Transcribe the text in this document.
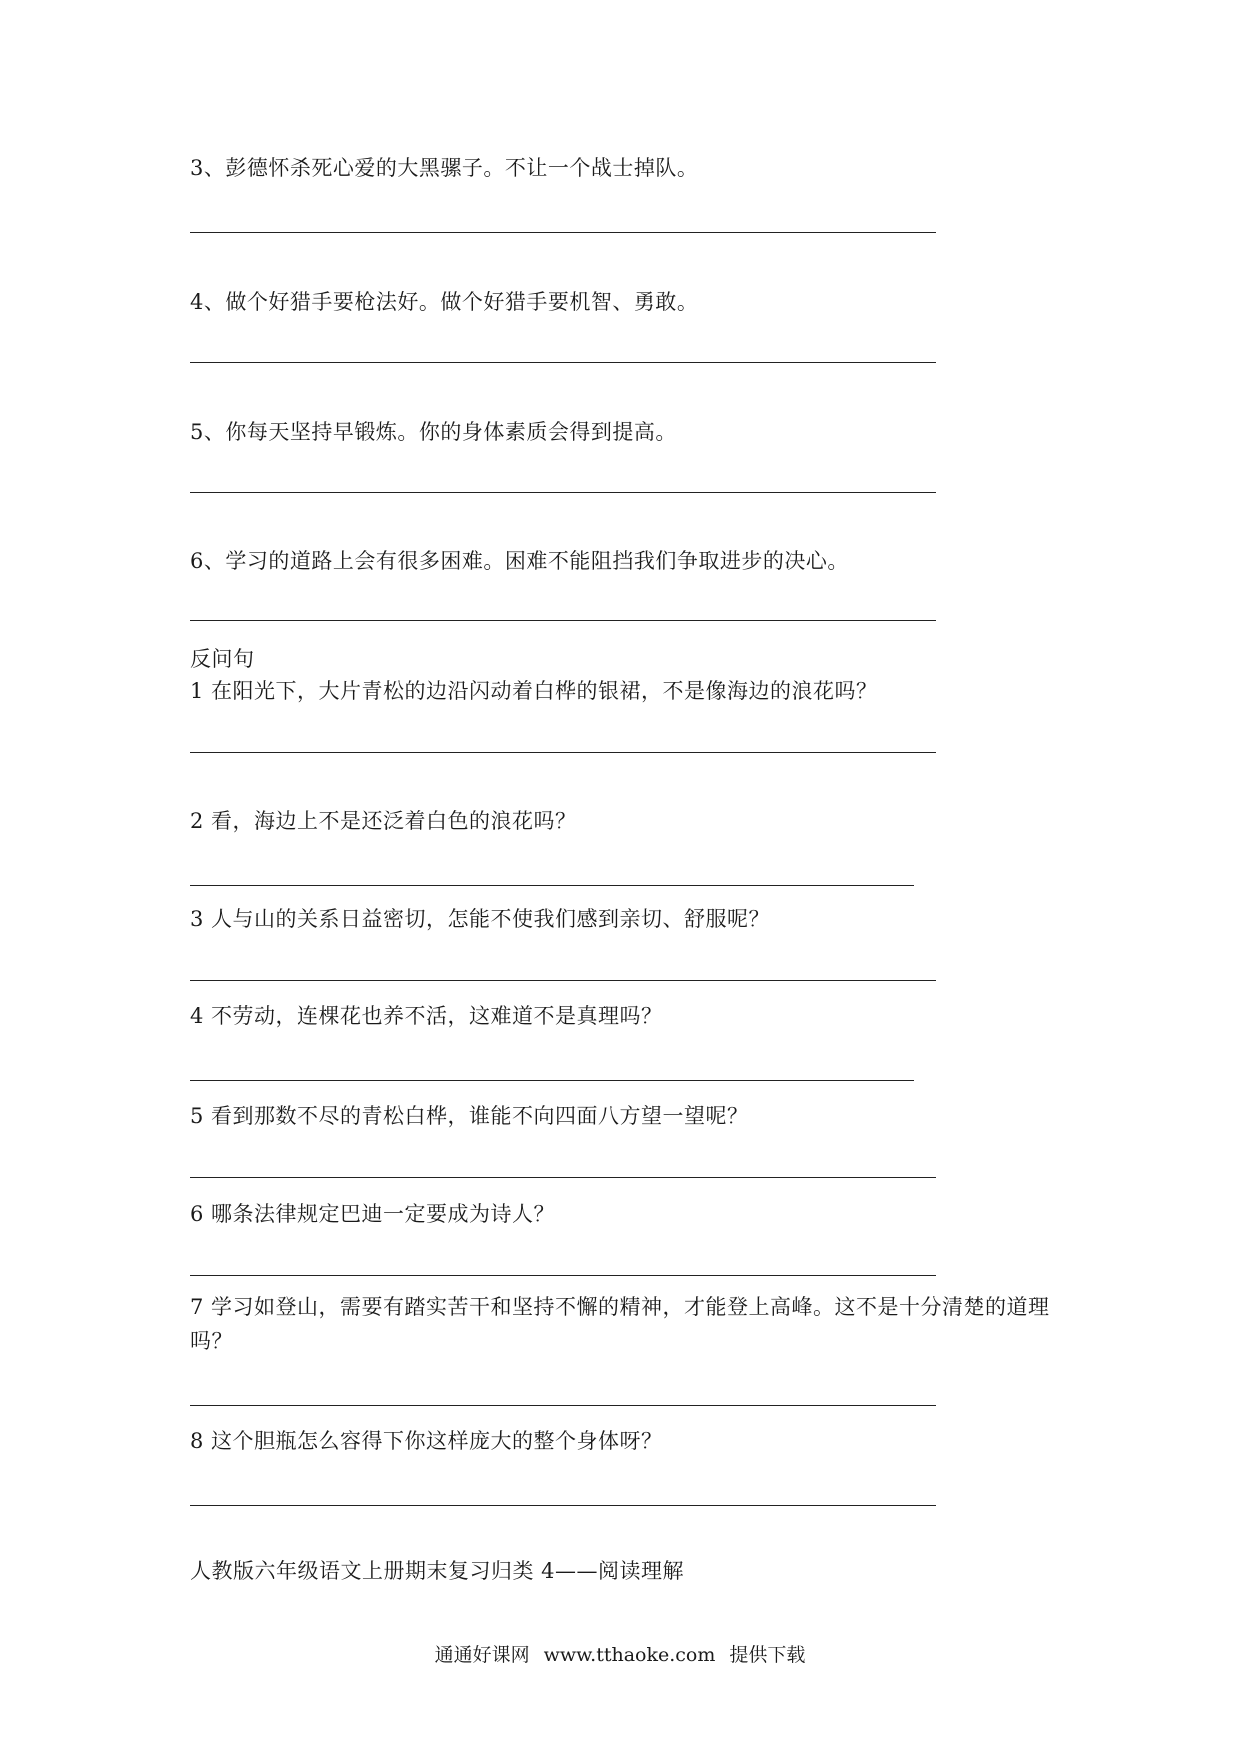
3、彭德怀杀死心爱的大黑骡子。不让一个战士掉队。
4、做个好猎手要枪法好。做个好猎手要机智、勇敢。
5、你每天坚持早锻炼。你的身体素质会得到提高。
6、学习的道路上会有很多困难。困难不能阻挡我们争取进步的决心。
反问句
1 在阳光下，大片青松的边沿闪动着白桦的银裙，不是像海边的浪花吗？
2 看，海边上不是还泛着白色的浪花吗？
3 人与山的关系日益密切，怎能不使我们感到亲切、舒服呢？
4 不劳动，连棵花也养不活，这难道不是真理吗？
5 看到那数不尽的青松白桦，谁能不向四面八方望一望呢？
6 哪条法律规定巴迪一定要成为诗人？
7 学习如登山，需要有踏实苦干和坚持不懈的精神，才能登上高峰。这不是十分清楚的道理吗？
8 这个胆瓶怎么容得下你这样庞大的整个身体呀？
人教版六年级语文上册期末复习归类 4——阅读理解
通通好课网 www.tthaoke.com 提供下载
